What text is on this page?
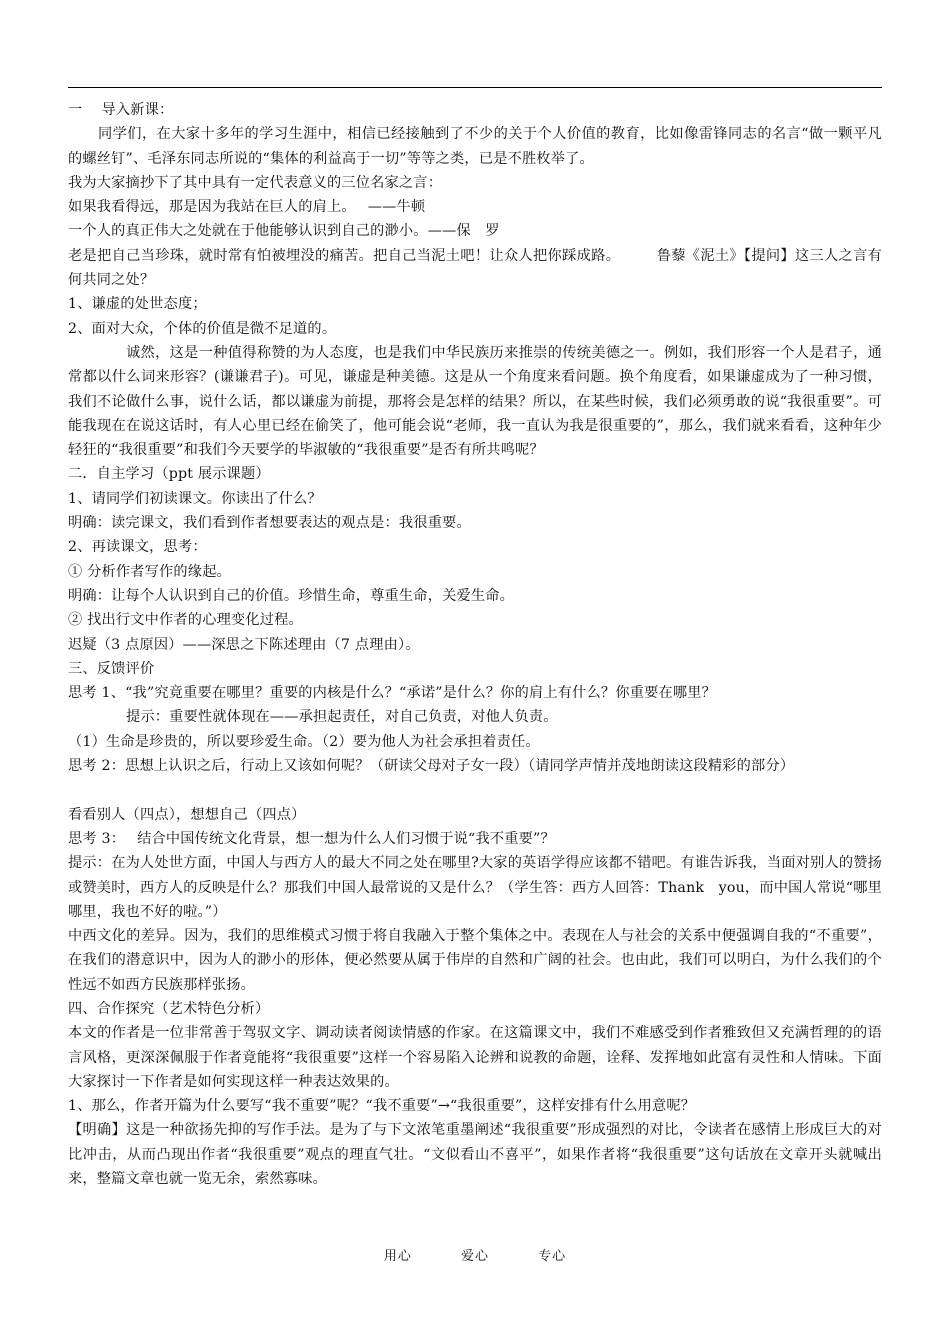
一　 导入新课：

同学们，在大家十多年的学习生涯中，相信已经接触到了不少的关于个人价值的教育，比如像雷锋同志的名言“做一颗平凡的螺丝钉”、毛泽东同志所说的“集体的利益高于一切”等等之类，已是不胜枚举了。

我为大家摘抄下了其中具有一定代表意义的三位名家之言：

如果我看得远，那是因为我站在巨人的肩上。　 ——牛顿

一个人的真正伟大之处就在于他能够认识到自己的渺小。——保　罗

老是把自己当珍珠，就时常有怕被埋没的痛苦。把自己当泥土吧！让众人把你踩成路。　　　鲁藜《泥土》【提问】这三人之言有何共同之处？

1、谦虚的处世态度；

2、面对大众，个体的价值是微不足道的。

诚然，这是一种值得称赞的为人态度，也是我们中华民族历来推崇的传统美德之一。例如，我们形容一个人是君子，通常都以什么词来形容？(谦谦君子)。可见，谦虚是种美德。这是从一个角度来看问题。换个角度看，如果谦虚成为了一种习惯，我们不论做什么事，说什么话，都以谦虚为前提，那将会是怎样的结果？所以，在某些时候，我们必须勇敢的说“我很重要”。可能我现在在说这话时，有人心里已经在偷笑了，他可能会说“老师，我一直认为我是很重要的”，那么，我们就来看看，这种年少轻狂的“我很重要”和我们今天要学的毕淑敏的“我很重要”是否有所共鸣呢？

二．自主学习（ppt 展示课题）

1、请同学们初读课文。你读出了什么？

明确：读完课文，我们看到作者想要表达的观点是：我很重要。

2、再读课文，思考：

① 分析作者写作的缘起。

明确：让每个人认识到自己的价值。珍惜生命，尊重生命，关爱生命。

② 找出行文中作者的心理变化过程。

迟疑（3 点原因）——深思之下陈述理由（7 点理由）。

三、反馈评价

思考 1、“我”究竟重要在哪里？重要的内核是什么？“承诺”是什么？你的肩上有什么？你重要在哪里？

提示：重要性就体现在——承担起责任，对自己负责，对他人负责。

（1）生命是珍贵的，所以要珍爱生命。（2）要为他人为社会承担着责任。

思考 2：思想上认识之后，行动上又该如何呢？（研读父母对子女一段）（请同学声情并茂地朗读这段精彩的部分）

看看别人（四点），想想自己（四点）

思考 3：　 结合中国传统文化背景，想一想为什么人们习惯于说“我不重要”？

提示：在为人处世方面，中国人与西方人的最大不同之处在哪里?大家的英语学得应该都不错吧。有谁告诉我，当面对别人的赞扬或赞美时，西方人的反映是什么？那我们中国人最常说的又是什么？（学生答：西方人回答：Thank　you，而中国人常说“哪里哪里，我也不好的啦。”）

中西文化的差异。因为，我们的思维模式习惯于将自我融入于整个集体之中。表现在人与社会的关系中便强调自我的“不重要”，在我们的潜意识中，因为人的渺小的形体，便必然要从属于伟岸的自然和广阔的社会。也由此，我们可以明白，为什么我们的个性远不如西方民族那样张扬。

四、合作探究（艺术特色分析）

本文的作者是一位非常善于驾驭文字、调动读者阅读情感的作家。在这篇课文中，我们不难感受到作者雅致但又充满哲理的的语言风格，更深深佩服于作者竟能将“我很重要”这样一个容易陷入论辨和说教的命题，诠释、发挥地如此富有灵性和人情味。下面大家探讨一下作者是如何实现这样一种表达效果的。

1、那么，作者开篇为什么要写“我不重要”呢？“我不重要”→“我很重要”，这样安排有什么用意呢？

【明确】这是一种欲扬先抑的写作手法。是为了与下文浓笔重墨阐述“我很重要”形成强烈的对比，令读者在感情上形成巨大的对比冲击，从而凸现出作者“我很重要”观点的理直气壮。“文似看山不喜平”，如果作者将“我很重要”这句话放在文章开头就喊出来，整篇文章也就一览无余，索然寡味。

用心	爱心	专心
